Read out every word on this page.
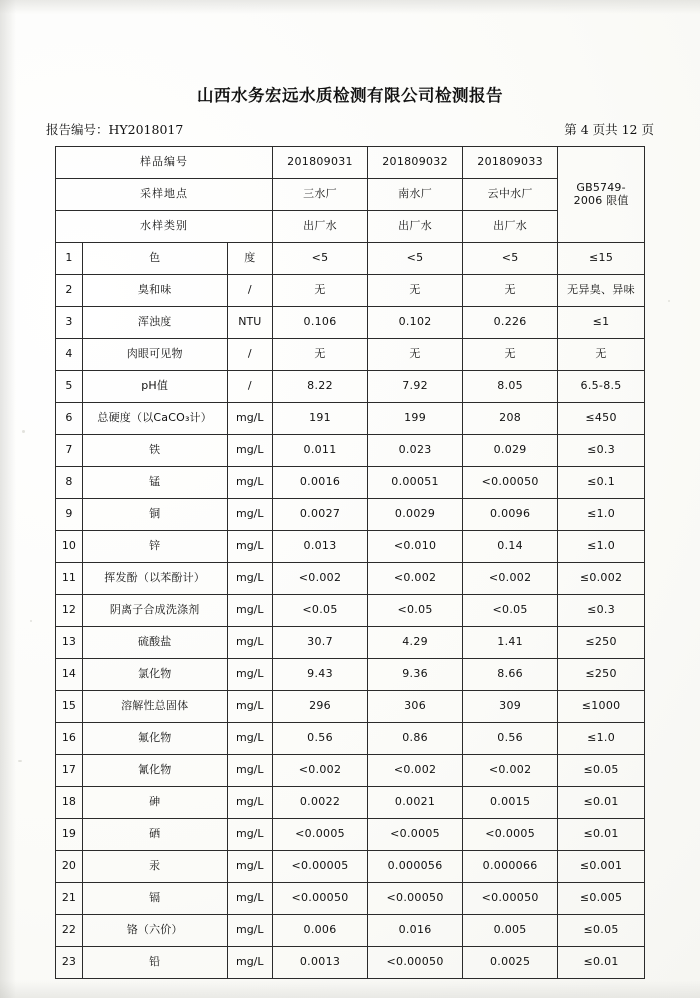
山西水务宏远水质检测有限公司检测报告
报告编号：HY2018017	第 4 页共 12 页
样品编号			201809031	201809032	201809033	GB5749-
2006 限值

采样地点			三水厂	南水厂	云中水厂	
水样类别			出厂水	出厂水	出厂水	
1	色	度	<5	<5	<5	≤15
2	臭和味	/	无	无	无	无异臭、异味
3	浑浊度	NTU	0.106	0.102	0.226	≤1
4	肉眼可见物	/	无	无	无	无
5	pH值	/	8.22	7.92	8.05	6.5-8.5
6	总硬度（以CaCO₃计）	mg/L	191	199	208	≤450
7	铁	mg/L	0.011	0.023	0.029	≤0.3
8	锰	mg/L	0.0016	0.00051	<0.00050	≤0.1
9	铜	mg/L	0.0027	0.0029	0.0096	≤1.0
10	锌	mg/L	0.013	<0.010	0.14	≤1.0
11	挥发酚（以苯酚计）	mg/L	<0.002	<0.002	<0.002	≤0.002
12	阴离子合成洗涤剂	mg/L	<0.05	<0.05	<0.05	≤0.3
13	硫酸盐	mg/L	30.7	4.29	1.41	≤250
14	氯化物	mg/L	9.43	9.36	8.66	≤250
15	溶解性总固体	mg/L	296	306	309	≤1000
16	氟化物	mg/L	0.56	0.86	0.56	≤1.0
17	氰化物	mg/L	<0.002	<0.002	<0.002	≤0.05
18	砷	mg/L	0.0022	0.0021	0.0015	≤0.01
19	硒	mg/L	<0.0005	<0.0005	<0.0005	≤0.01
20	汞	mg/L	<0.00005	0.000056	0.000066	≤0.001
21	镉	mg/L	<0.00050	<0.00050	<0.00050	≤0.005
22	铬（六价）	mg/L	0.006	0.016	0.005	≤0.05
23	铅	mg/L	0.0013	<0.00050	0.0025	≤0.01
